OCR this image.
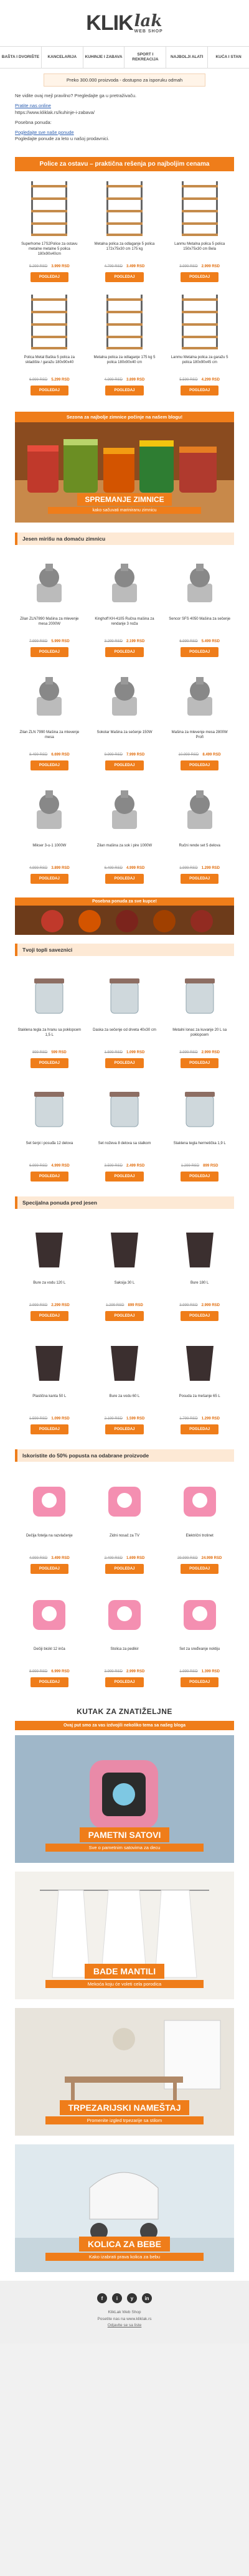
KLIK lak
WEB SHOP
BAŠTA I DVORIŠTE	KANCELARIJA	KUHINJE I ZABAVA
SPORT I REKREACIJA
NAJBOLJI ALATI	KUĆA I STAN
Preko 300.000 proizvoda - dostupno za isporuku odmah

Ne vidite ovaj mejl pravilno? Pregledajte ga u pretraživaču.

Pratite nas online
https://www.kliklak.rs/kuhinje-i-zabava/

Posebna ponuda:

Pogledajte sve naše ponude
Pogledajte ponude za leto u našoj prodavnici.

Police za ostavu – praktična rešenja po najboljim cenama
Superhome 17S2Police za ostavu metalne metalne 5 polica 180x90x40cm
5.299 RSD 3.999 RSD
POGLEDAJ
Metalna polica za odlaganje 5 polica 172x75x30 cm 175 kg
4.799 RSD 3.499 RSD
POGLEDAJ
Lanmu Metalna polica 5 polica 150x75x30 cm Bela
3.999 RSD 2.999 RSD
POGLEDAJ
Polica Metal Baška 5 polica za skladište / garažu 180x90x40
6.999 RSD 5.299 RSD
POGLEDAJ
Metalna polica za odlaganje 175 kg 5 polica 180x90x40 cm
4.999 RSD 3.899 RSD
POGLEDAJ
Lanmu Metalna polica za garažu 5 polica 180x90x45 cm
5.599 RSD 4.299 RSD
POGLEDAJ
Sezona za najbolje zimnice počinje na našem blogu!
SPREMANJE ZIMNICE
kako sačuvati mariniranu zimnicu
Jesen mirišu na domaću zimnicu
Zilan ZLN7890 Mašina za mlevenje mesa 2000W
7.999 RSD 5.999 RSD
POGLEDAJ
Kinghoff KH-4105 Ručna mašina za rendanje 3 noža
3.299 RSD 2.199 RSD
POGLEDAJ
Sencor SFS 4050 Mašina za sečenje
6.999 RSD 5.499 RSD
POGLEDAJ
Zilan ZLN 7990 Mašina za mlevenje mesa
8.499 RSD 6.699 RSD
POGLEDAJ
Sokolar Mašina za sečenje 150W
9.999 RSD 7.999 RSD
POGLEDAJ
Mašina za mlevenje mesa 2800W Profi
10.999 RSD 8.499 RSD
POGLEDAJ
Mikser 3-u-1 1000W
4.999 RSD 3.899 RSD
POGLEDAJ
Zilan mašina za sok i pire 1000W
6.499 RSD 4.999 RSD
POGLEDAJ
Ručni rende set 5 delova
1.999 RSD 1.299 RSD
POGLEDAJ
Posebna ponuda za sve kupce!
Tvoji topli saveznici
Staklena tegla za hranu sa poklopcem 1,5 L
899 RSD 599 RSD
POGLEDAJ
Daska za sečenje od drveta 40x30 cm
1.599 RSD 1.099 RSD
POGLEDAJ
Metalni lonac za kuvanje 20 L sa poklopcem
3.999 RSD 2.999 RSD
POGLEDAJ
Set šerpi i posuđa 12 delova
6.999 RSD 4.999 RSD
POGLEDAJ
Set noževa 8 delova sa stalkom
3.599 RSD 2.499 RSD
POGLEDAJ
Staklena tegla hermetička 1,9 L
1.299 RSD 899 RSD
POGLEDAJ
Specijalna ponuda pred jesen
Bure za vodu 120 L
2.999 RSD 2.299 RSD
POGLEDAJ
Saksija 30 L
1.299 RSD 899 RSD
POGLEDAJ
Bure 180 L
3.999 RSD 2.999 RSD
POGLEDAJ
Plastična kanta 50 L
1.599 RSD 1.099 RSD
POGLEDAJ
Bure za vodu 60 L
2.199 RSD 1.599 RSD
POGLEDAJ
Posuda za mešanje 65 L
1.799 RSD 1.299 RSD
POGLEDAJ
Iskoristite do 50% popusta na odabrane proizvode
Dečija fotelja na razvlačenje
4.999 RSD 3.499 RSD
POGLEDAJ
Zidni nosač za TV
2.499 RSD 1.699 RSD
POGLEDAJ
Električni trotinet
29.999 RSD 24.999 RSD
POGLEDAJ
Dečiji bicikl 12 inča
8.999 RSD 6.999 RSD
POGLEDAJ
Stolica za pedikir
3.999 RSD 2.999 RSD
POGLEDAJ
Set za sređivanje noktiju
1.999 RSD 1.399 RSD
POGLEDAJ
KUTAK ZA ZNATIŽELJNE
Ovaj put smo za vas izdvojili nekoliko tema sa našeg bloga
PAMETNI SATOVI
Sve o pametnim satovima za decu
BADE MANTILI
Mekoća koju će voleti cela porodica
TRPEZARIJSKI NAMEŠTAJ
Promenite izgled trpezarije sa stilom
KOLICA ZA BEBE
Kako izabrati prava kolica za bebu
f	i	y	in
KlikLak Web Shop
Posetite nas na www.kliklak.rs
Odjavite se sa liste
